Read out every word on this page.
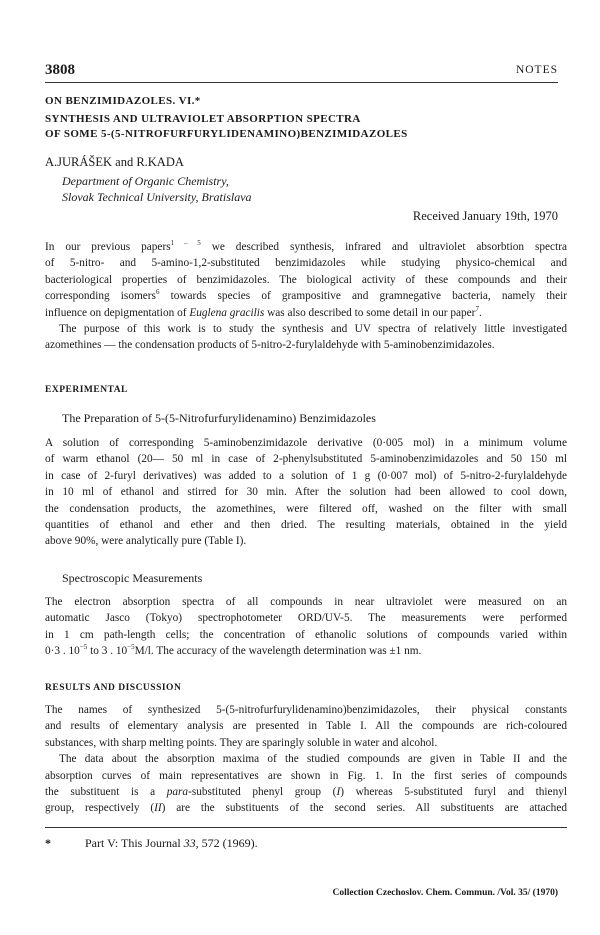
3808	NOTES
ON BENZIMIDAZOLES. VI.*
SYNTHESIS AND ULTRAVIOLET ABSORPTION SPECTRA
OF SOME 5-(5-NITROFURFURYLIDENAMINO)BENZIMIDAZOLES
A.JURÁŠEK and R.KADA
Department of Organic Chemistry,
Slovak Technical University, Bratislava
Received January 19th, 1970
In our previous papers$^{1 - 5}$ we described synthesis, infrared and ultraviolet absorbtion spectra
of 5-nitro- and 5-amino-1,2-substituted benzimidazoles while studying physico-chemical and
bacteriological properties of benzimidazoles. The biological activity of these compounds and their
corresponding isomers$^6$ towards species of grampositive and gramnegative bacteria, namely their
influence on depigmentation of Euglena gracilis was also described to some detail in our paper$^7$.
The purpose of this work is to study the synthesis and UV spectra of relatively little investigated
azomethines — the condensation products of 5-nitro-2-furylaldehyde with 5-aminobenzimidazoles.
EXPERIMENTAL
The Preparation of 5-(5-Nitrofurfurylidenamino) Benzimidazoles
A solution of corresponding 5-aminobenzimidazole derivative (0·005 mol) in a minimum volume
of warm ethanol (20— 50 ml in case of 2-phenylsubstituted 5-aminobenzimidazoles and 50 150 ml
in case of 2-furyl derivatives) was added to a solution of 1 g (0·007 mol) of 5-nitro-2-furylaldehyde
in 10 ml of ethanol and stirred for 30 min. After the solution had been allowed to cool down,
the condensation products, the azomethines, were filtered off, washed on the filter with small
quantities of ethanol and ether and then dried. The resulting materials, obtained in the yield
above 90%, were analytically pure (Table I).
Spectroscopic Measurements
The electron absorption spectra of all compounds in near ultraviolet were measured on an
automatic Jasco (Tokyo) spectrophotometer ORD/UV-5. The measurements were performed
in 1 cm path-length cells; the concentration of ethanolic solutions of compounds varied within
0·3 . $10^{-5}$ to 3 . $10^{-5}M/l$. The accuracy of the wavelength determination was ±1 nm.
RESULTS AND DISCUSSION
The names of synthesized 5-(5-nitrofurfurylidenamino)benzimidazoles, their physical constants
and results of elementary analysis are presented in Table I. All the compounds are rich-coloured
substances, with sharp melting points. They are sparingly soluble in water and alcohol.
The data about the absorption maxima of the studied compounds are given in Table II and the
absorption curves of main representatives are shown in Fig. 1. In the first series of compounds
the substituent is a para-substituted phenyl group (I) whereas 5-substituted furyl and thienyl
group, respectively (II) are the substituents of the second series. All substituents are attached
*	Part V: This Journal 33, 572 (1969).
Collection Czechoslov. Chem. Commun. /Vol. 35/ (1970)
